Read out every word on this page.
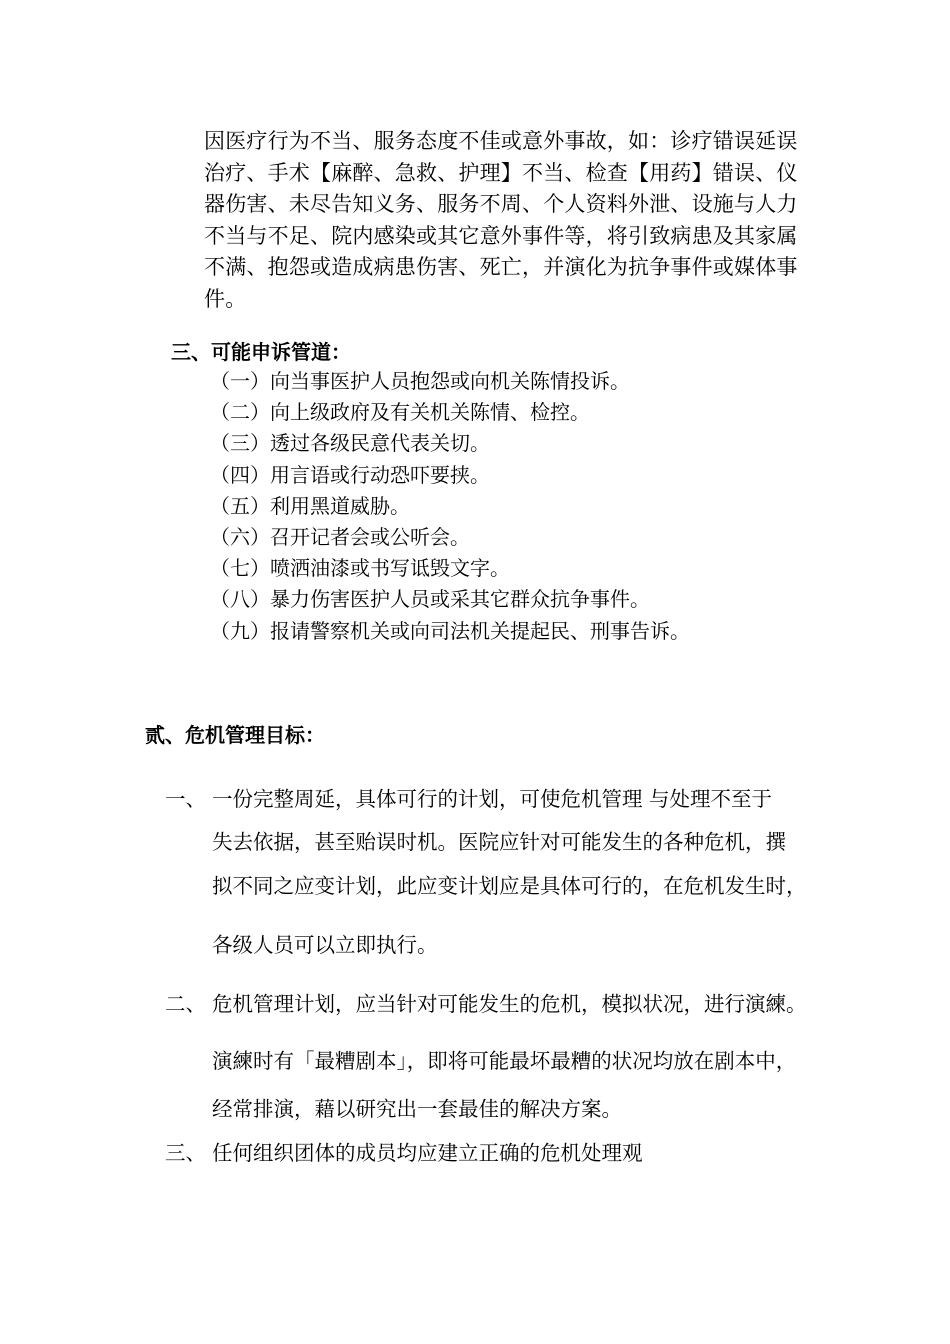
因医疗行为不当、服务态度不佳或意外事故，如：诊疗错误延误
治疗、手术【麻醉、急救、护理】不当、检查【用药】错误、仪
器伤害、未尽告知义务、服务不周、个人资料外泄、设施与人力
不当与不足、院内感染或其它意外事件等，将引致病患及其家属
不满、抱怨或造成病患伤害、死亡，并演化为抗争事件或媒体事
件。
三、可能申诉管道：
（一）向当事医护人员抱怨或向机关陈情投诉。
（二）向上级政府及有关机关陈情、检控。
（三）透过各级民意代表关切。
（四）用言语或行动恐吓要挟。
（五）利用黑道威胁。
（六）召开记者会或公听会。
（七）喷洒油漆或书写诋毁文字。
（八）暴力伤害医护人员或采其它群众抗争事件。
（九）报请警察机关或向司法机关提起民、刑事告诉。
贰、危机管理目标：
一、 一份完整周延，具体可行的计划，可使危机管理 与处理不至于
失去依据，甚至贻误时机。医院应针对可能发生的各种危机，撰
拟不同之应变计划，此应变计划应是具体可行的，在危机发生时，
各级人员可以立即执行。
二、 危机管理计划，应当针对可能发生的危机，模拟状况，进行演練。
演練时有「最糟剧本」，即将可能最坏最糟的状况均放在剧本中，
经常排演，藉以研究出一套最佳的解决方案。
三、 任何组织团体的成员均应建立正确的危机处理观
